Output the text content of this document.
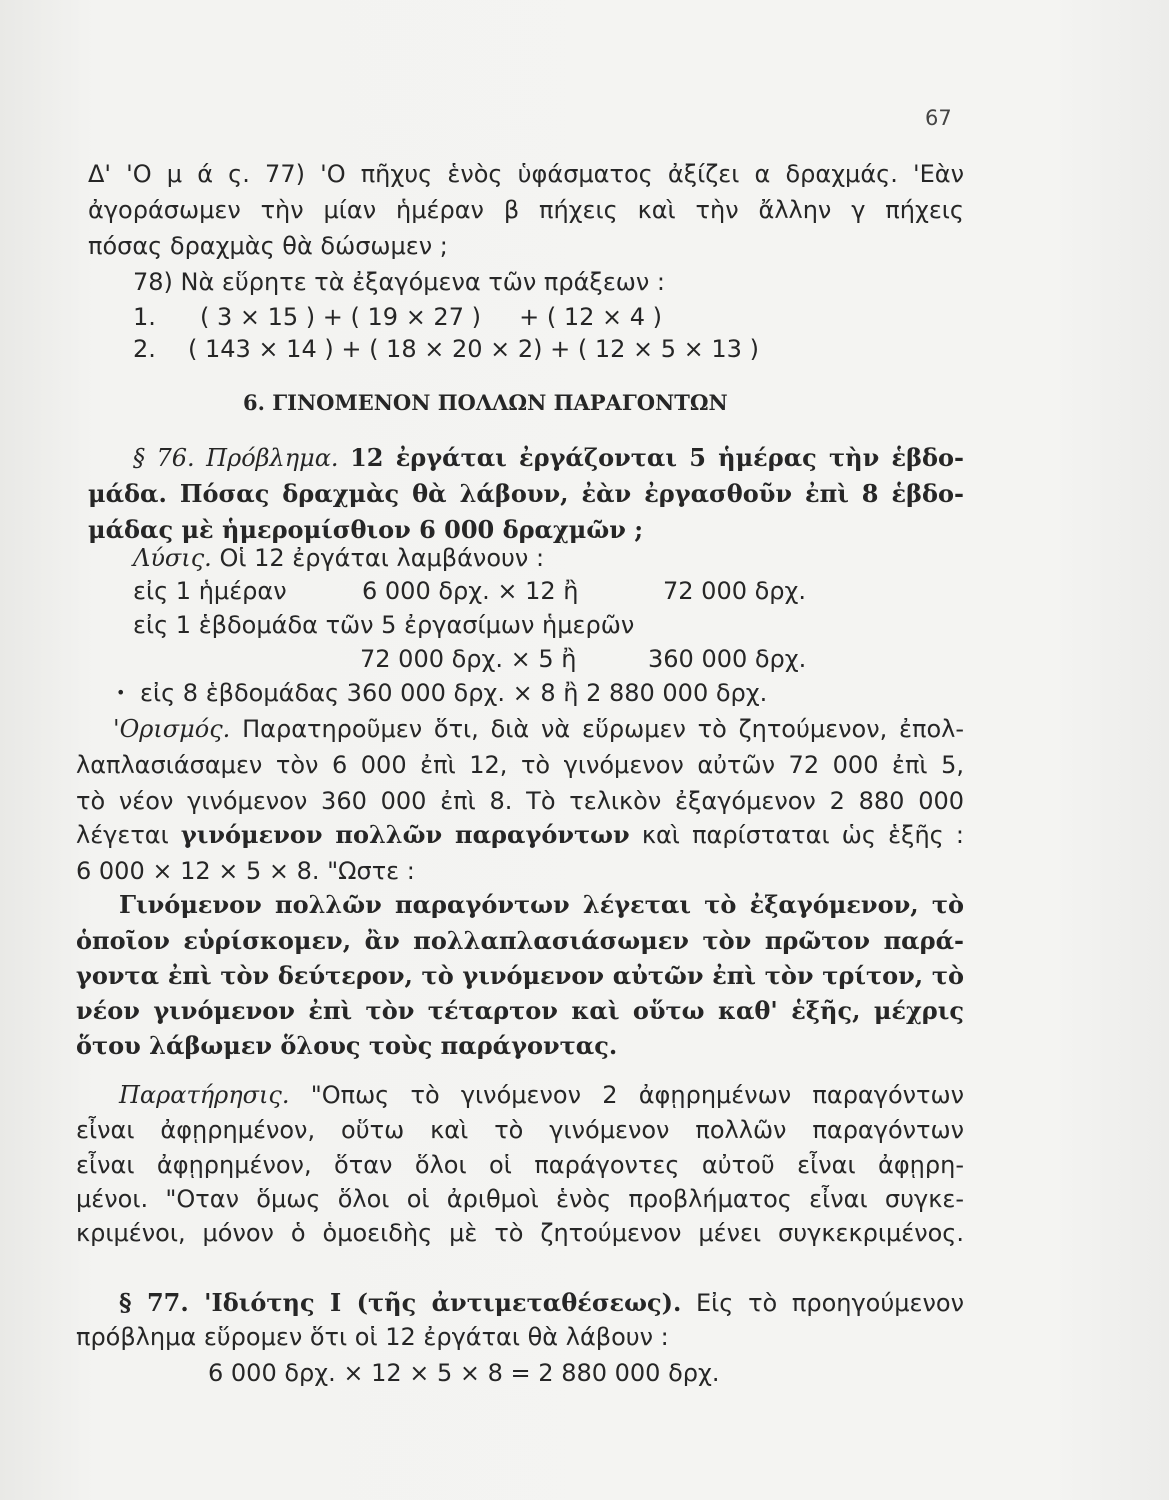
67
Δ' 'Ο μ ά ς. 77) 'Ο πῆχυς ἑνὸς ὑφάσματος ἀξίζει α δραχμάς. 'Εὰν
ἀγοράσωμεν τὴν μίαν ἡμέραν β πήχεις καὶ τὴν ἄλλην γ πήχεις
πόσας δραχμὰς θὰ δώσωμεν ;
78) Νὰ εὕρητε τὰ ἐξαγόμενα τῶν πράξεων :
1. ( 3 × 15 ) + ( 19 × 27 )     + ( 12 × 4 )
2. ( 143 × 14 ) + ( 18 × 20 × 2) + ( 12 × 5 × 13 )
6. ΓΙΝΟΜΕΝΟΝ ΠΟΛΛΩΝ ΠΑΡΑΓΟΝΤΩΝ
§ 76. Πρόβλημα. 12 ἐργάται ἐργάζονται 5 ἡμέρας τὴν ἑβδο-
μάδα. Πόσας δραχμὰς θὰ λάβουν, ἐὰν ἐργασθοῦν ἐπὶ 8 ἑβδο-
μάδας μὲ ἡμερομίσθιον 6 000 δραχμῶν ;
Λύσις. Οἱ 12 ἐργάται λαμβάνουν :
εἰς 1 ἡμέραν	6 000 δρχ. × 12 ἢ	72 000 δρχ.
εἰς 1 ἑβδομάδα τῶν 5 ἐργασίμων ἡμερῶν
72 000 δρχ. × 5 ἢ	360 000 δρχ.
• εἰς 8 ἑβδομάδας 360 000 δρχ. × 8 ἢ 2 880 000 δρχ.
'Ορισμός. Παρατηροῦμεν ὅτι, διὰ νὰ εὕρωμεν τὸ ζητούμενον, ἐπολ-
λαπλασιάσαμεν τὸν 6 000 ἐπὶ 12, τὸ γινόμενον αὐτῶν 72 000 ἐπὶ 5,
τὸ νέον γινόμενον 360 000 ἐπὶ 8. Τὸ τελικὸν ἐξαγόμενον 2 880 000
λέγεται γινόμενον πολλῶν παραγόντων καὶ παρίσταται ὡς ἑξῆς :
6 000 × 12 × 5 × 8. "Ωστε :
Γινόμενον πολλῶν παραγόντων λέγεται τὸ ἐξαγόμενον, τὸ
ὁποῖον εὑρίσκομεν, ἂν πολλαπλασιάσωμεν τὸν πρῶτον παρά-
γοντα ἐπὶ τὸν δεύτερον, τὸ γινόμενον αὐτῶν ἐπὶ τὸν τρίτον, τὸ
νέον γινόμενον ἐπὶ τὸν τέταρτον καὶ οὕτω καθ' ἑξῆς, μέχρις
ὅτου λάβωμεν ὅλους τοὺς παράγοντας.
Παρατήρησις. "Οπως τὸ γινόμενον 2 ἀφῃρημένων παραγόντων
εἶναι ἀφῃρημένον, οὕτω καὶ τὸ γινόμενον πολλῶν παραγόντων
εἶναι ἀφῃρημένον, ὅταν ὅλοι οἱ παράγοντες αὐτοῦ εἶναι ἀφῃρη-
μένοι. "Οταν ὅμως ὅλοι οἱ ἀριθμοὶ ἑνὸς προβλήματος εἶναι συγκε-
κριμένοι, μόνον ὁ ὁμοειδὴς μὲ τὸ ζητούμενον μένει συγκεκριμένος.
§ 77. 'Ιδιότης Ι (τῆς ἀντιμεταθέσεως). Εἰς τὸ προηγούμενον
πρόβλημα εὕρομεν ὅτι οἱ 12 ἐργάται θὰ λάβουν :
6 000 δρχ. × 12 × 5 × 8 = 2 880 000 δρχ.
